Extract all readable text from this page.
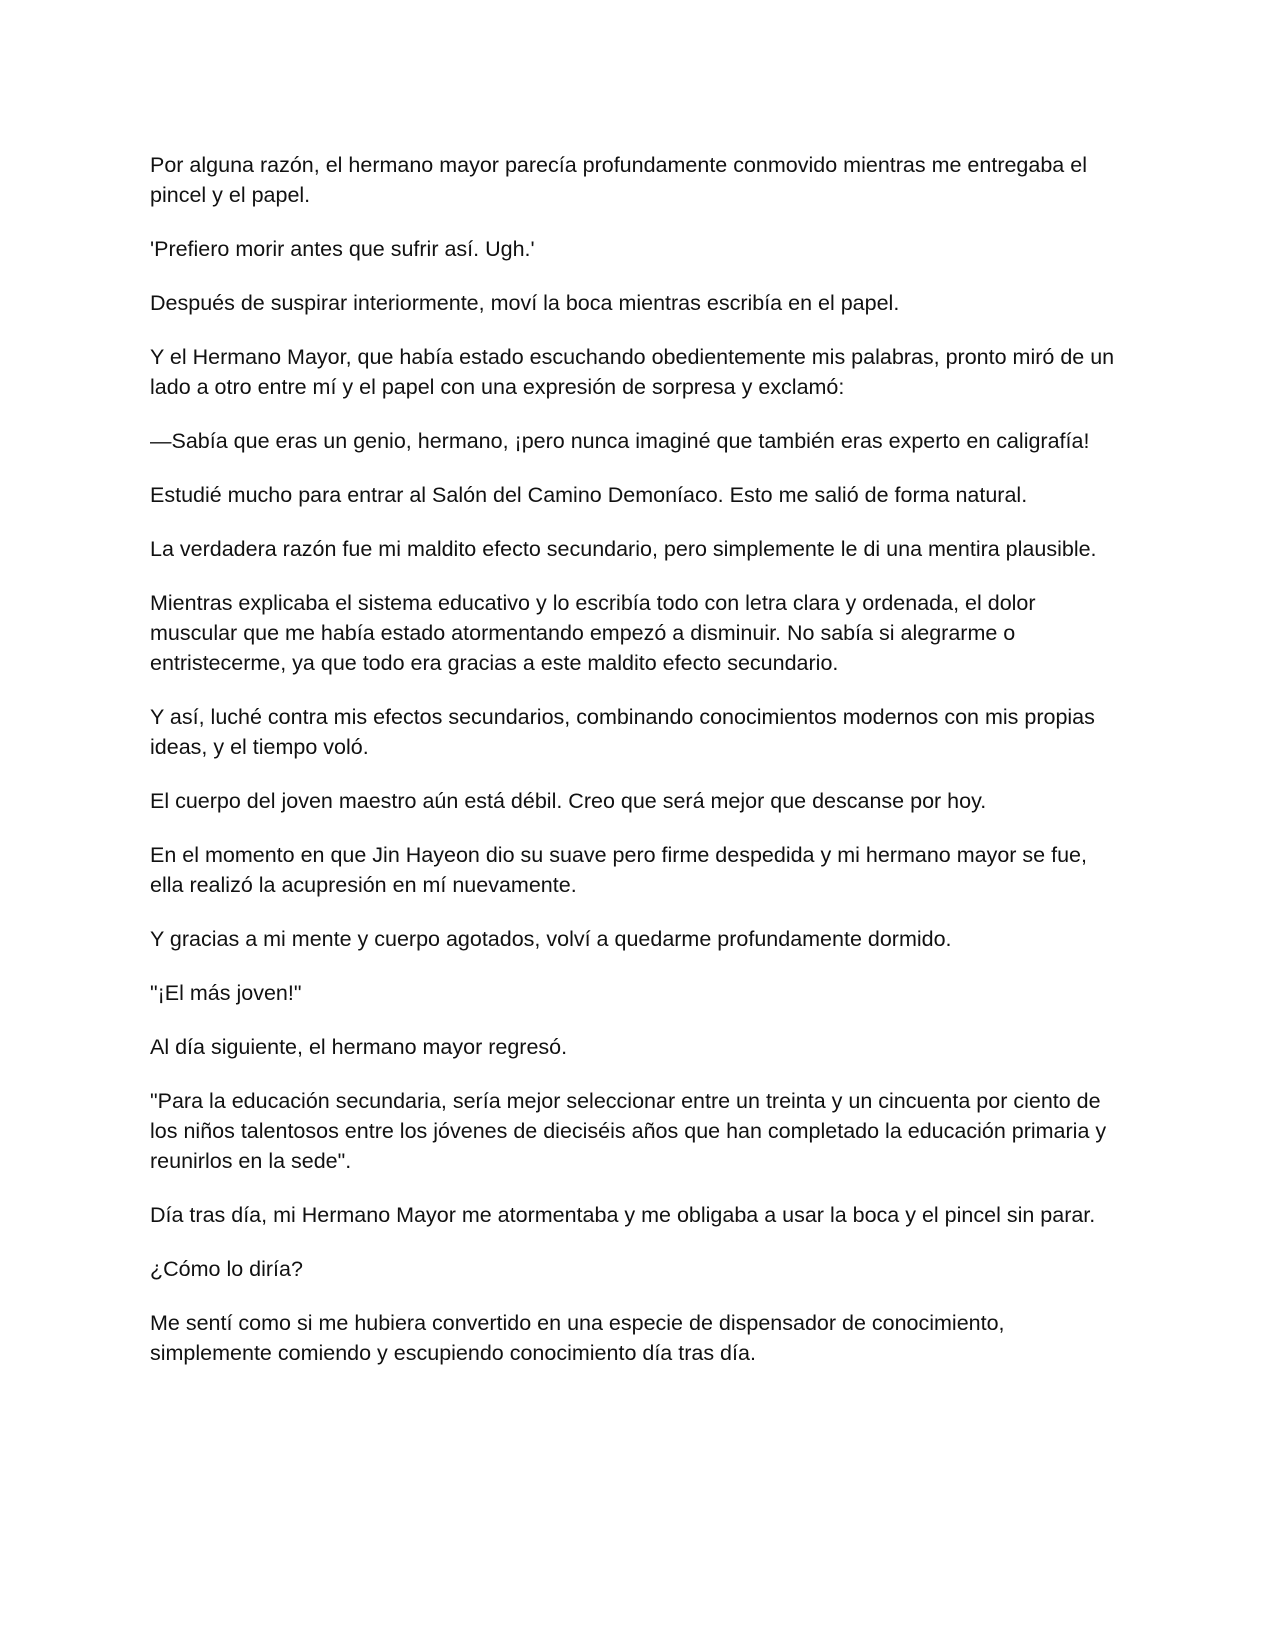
Por alguna razón, el hermano mayor parecía profundamente conmovido mientras me entregaba el pincel y el papel.

'Prefiero morir antes que sufrir así. Ugh.'

Después de suspirar interiormente, moví la boca mientras escribía en el papel.

Y el Hermano Mayor, que había estado escuchando obedientemente mis palabras, pronto miró de un lado a otro entre mí y el papel con una expresión de sorpresa y exclamó:

—Sabía que eras un genio, hermano, ¡pero nunca imaginé que también eras experto en caligrafía!

Estudié mucho para entrar al Salón del Camino Demoníaco. Esto me salió de forma natural.

La verdadera razón fue mi maldito efecto secundario, pero simplemente le di una mentira plausible.

Mientras explicaba el sistema educativo y lo escribía todo con letra clara y ordenada, el dolor muscular que me había estado atormentando empezó a disminuir. No sabía si alegrarme o entristecerme, ya que todo era gracias a este maldito efecto secundario.

Y así, luché contra mis efectos secundarios, combinando conocimientos modernos con mis propias ideas, y el tiempo voló.

El cuerpo del joven maestro aún está débil. Creo que será mejor que descanse por hoy.

En el momento en que Jin Hayeon dio su suave pero firme despedida y mi hermano mayor se fue, ella realizó la acupresión en mí nuevamente.

Y gracias a mi mente y cuerpo agotados, volví a quedarme profundamente dormido.

"¡El más joven!"

Al día siguiente, el hermano mayor regresó.

"Para la educación secundaria, sería mejor seleccionar entre un treinta y un cincuenta por ciento de los niños talentosos entre los jóvenes de dieciséis años que han completado la educación primaria y reunirlos en la sede".

Día tras día, mi Hermano Mayor me atormentaba y me obligaba a usar la boca y el pincel sin parar.

¿Cómo lo diría?

Me sentí como si me hubiera convertido en una especie de dispensador de conocimiento, simplemente comiendo y escupiendo conocimiento día tras día.
